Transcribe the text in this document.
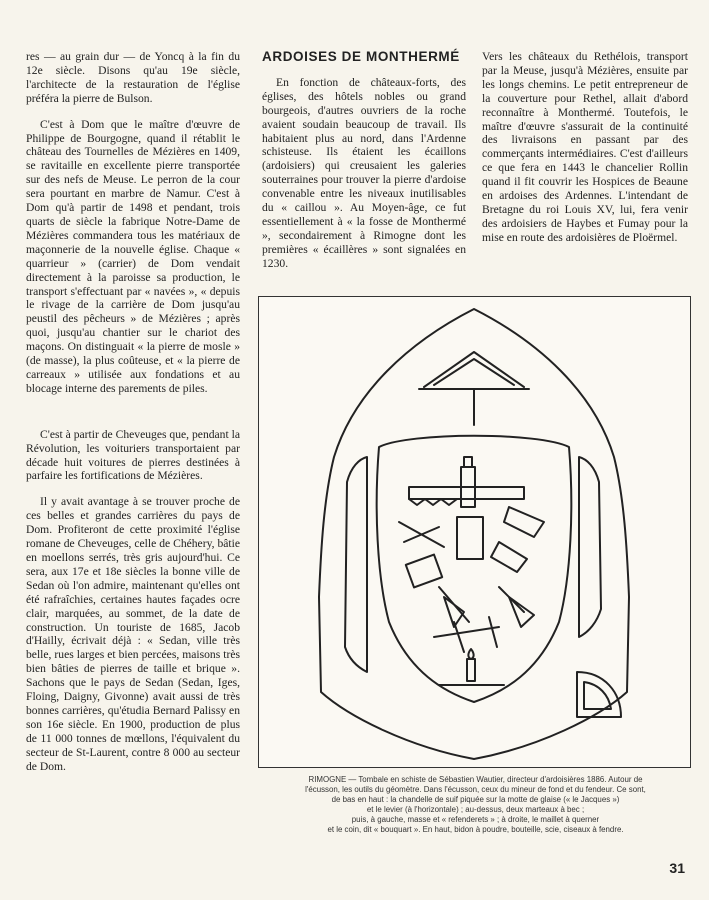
res — au grain dur — de Yoncq à la fin du 12e siècle. Disons qu'au 19e siècle, l'architecte de la restauration de l'église préféra la pierre de Bulson.

C'est à Dom que le maître d'œuvre de Philippe de Bourgogne, quand il rétablit le château des Tournelles de Mézières en 1409, se ravitaille en excellente pierre transportée sur des nefs de Meuse. Le perron de la cour sera pourtant en marbre de Namur. C'est à Dom qu'à partir de 1498 et pendant, trois quarts de siècle la fabrique Notre-Dame de Mézières commandera tous les matériaux de maçonnerie de la nouvelle église. Chaque « quarrieur » (carrier) de Dom vendait directement à la paroisse sa production, le transport s'effectuant par « navées », « depuis le rivage de la carrière de Dom jusqu'au peustil des pêcheurs » de Mézières ; après quoi, jusqu'au chantier sur le chariot des maçons. On distinguait « la pierre de mosle » (de masse), la plus coûteuse, et « la pierre de carreaux » utilisée aux fondations et au blocage interne des parements de piles.

C'est à partir de Cheveuges que, pendant la Révolution, les voituriers transportaient par décade huit voitures de pierres destinées à parfaire les fortifications de Mézières.

Il y avait avantage à se trouver proche de ces belles et grandes carrières du pays de Dom. Profiteront de cette proximité l'église romane de Cheveuges, celle de Chéhery, bâtie en moellons serrés, très gris aujourd'hui. Ce sera, aux 17e et 18e siècles la bonne ville de Sedan où l'on admire, maintenant qu'elles ont été rafraîchies, certaines hautes façades ocre clair, marquées, au sommet, de la date de construction. Un touriste de 1685, Jacob d'Hailly, écrivait déjà : « Sedan, ville très belle, rues larges et bien percées, maisons très bien bâties de pierres de taille et brique ». Sachons que le pays de Sedan (Sedan, Iges, Floing, Daigny, Givonne) avait aussi de très bonnes carrières, qu'étudia Bernard Palissy en son 16e siècle. En 1900, production de plus de 11 000 tonnes de mœllons, l'équivalent du secteur de St-Laurent, contre 8 000 au secteur de Dom.

ARDOISES DE MONTHERMÉ

En fonction de châteaux-forts, des églises, des hôtels nobles ou grand bourgeois, d'autres ouvriers de la roche avaient soudain beaucoup de travail. Ils habitaient plus au nord, dans l'Ardenne schisteuse. Ils étaient les écaillons (ardoisiers) qui creusaient les galeries souterraines pour trouver la pierre d'ardoise convenable entre les niveaux inutilisables du « caillou ». Au Moyen-âge, ce fut essentiellement à « la fosse de Monthermé », secondairement à Rimogne dont les premières « écaillères » sont signalées en 1230.

Vers les châteaux du Rethélois, transport par la Meuse, jusqu'à Mézières, ensuite par les longs chemins. Le petit entrepreneur de la couverture pour Rethel, allait d'abord reconnaître à Monthermé. Toutefois, le maître d'œuvre s'assurait de la continuité des livraisons en passant par des commerçants intermédiaires. C'est d'ailleurs ce que fera en 1443 le chancelier Rollin quand il fit couvrir les Hospices de Beaune en ardoises des Ardennes. L'intendant de Bretagne du roi Louis XV, lui, fera venir des ardoisiers de Haybes et Fumay pour la mise en route des ardoisières de Ploërmel.

RIMOGNE — Tombale en schiste de Sébastien Wautier, directeur d'ardoisières 1886. Autour de
l'écusson, les outils du géomètre. Dans l'écusson, ceux du mineur de fond et du fendeur. Ce sont,
de bas en haut : la chandelle de suif piquée sur la motte de glaise (« le Jacques »)
et le levier (à l'horizontale) ; au-dessus, deux marteaux à bec ;
puis, à gauche, masse et « refenderets » ; à droite, le maillet à querner
et le coin, dit « bouquart ». En haut, bidon à poudre, bouteille, scie, ciseaux à fendre.
31
